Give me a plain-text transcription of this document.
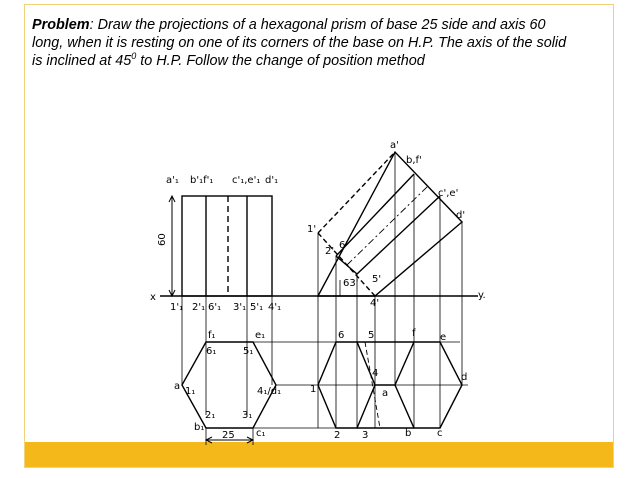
Problem: Draw the projections of a hexagonal prism of base 25 side and axis 60 long, when it is resting on one of its corners of the base on H.P. The axis of the solid is inclined at $45^0$ to H.P. Follow the change of position method
x	y.
60
25
a'₁ b'₁f'₁ c'₁,e'₁ d'₁
1'₁ 2'₁ 6'₁ 3'₁ 5'₁ 4'₁
f₁
6₁
e₁
5₁
a 1₁	4₁/d₁
2₁
b₁
3₁
c₁
a'
b,f'
c',e'
d'
1'
2'
6'
63' 5'
4'
6 5	f e
1
4
a
d
2 3	b	c
